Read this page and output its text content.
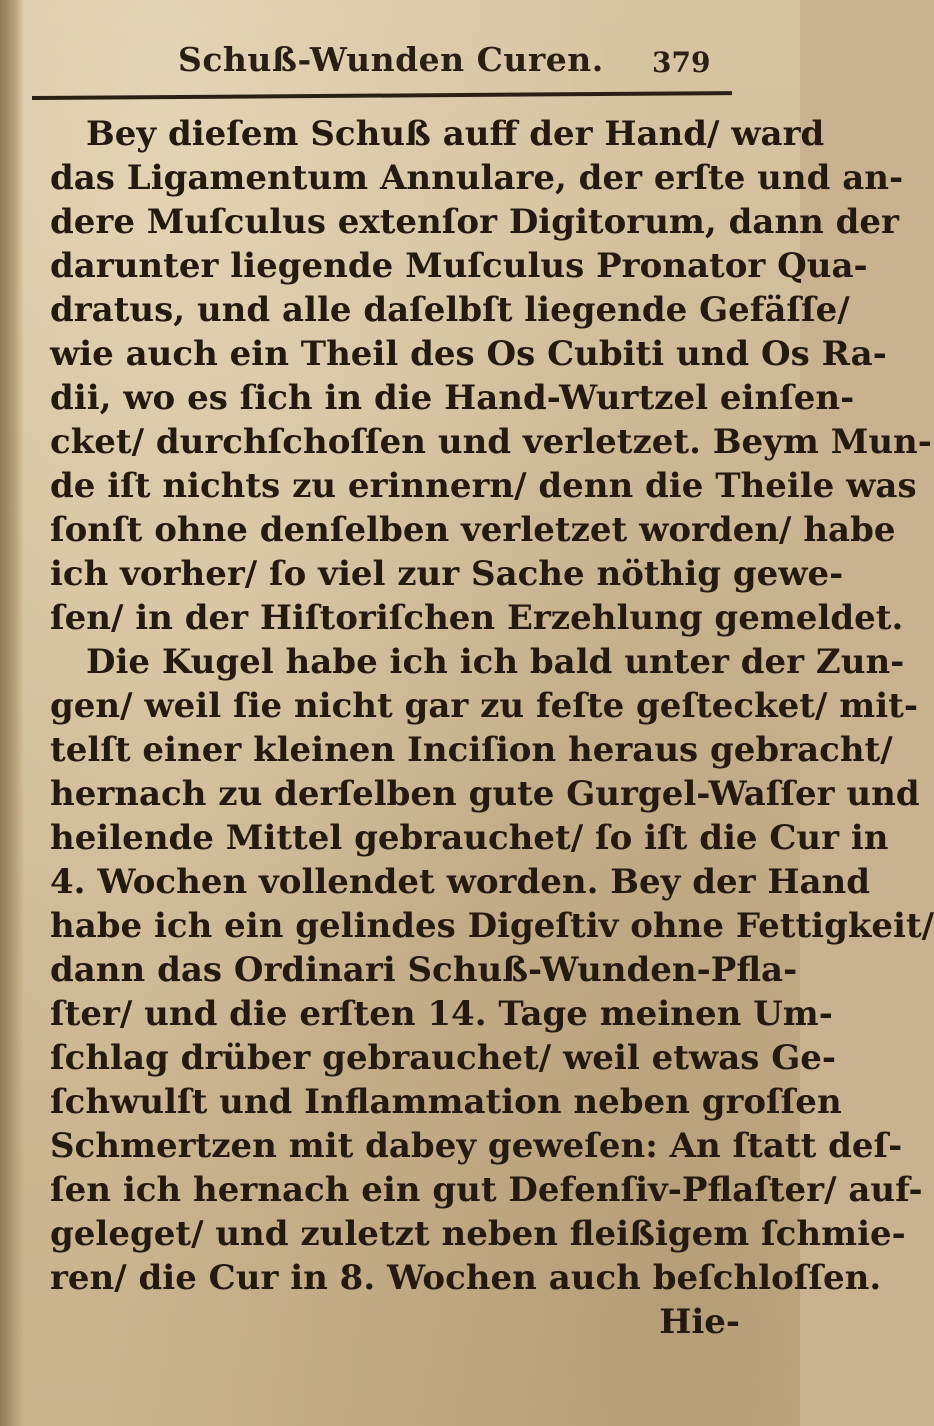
Schuß-Wunden Curen. 379
Bey dieſem Schuß auff der Hand/ ward
das Ligamentum Annulare, der erſte und an-
dere Muſculus extenſor Digitorum, dann der
darunter liegende Muſculus Pronator Qua-
dratus, und alle daſelbſt liegende Gefäſſe/
wie auch ein Theil des Os Cubiti und Os Ra-
dii, wo es ſich in die Hand-Wurtzel einſen-
cket/ durchſchoſſen und verletzet. Beym Mun-
de iſt nichts zu erinnern/ denn die Theile was
ſonſt ohne denſelben verletzet worden/ habe
ich vorher/ ſo viel zur Sache nöthig gewe-
ſen/ in der Hiſtoriſchen Erzehlung gemeldet.
Die Kugel habe ich ich bald unter der Zun-
gen/ weil ſie nicht gar zu feſte geſtecket/ mit-
telſt einer kleinen Inciſion heraus gebracht/
hernach zu derſelben gute Gurgel-Waſſer und
heilende Mittel gebrauchet/ ſo iſt die Cur in
4. Wochen vollendet worden. Bey der Hand
habe ich ein gelindes Digeſtiv ohne Fettigkeit/
dann das Ordinari Schuß-Wunden-Pfla-
ſter/ und die erſten 14. Tage meinen Um-
ſchlag drüber gebrauchet/ weil etwas Ge-
ſchwulſt und Inflammation neben groſſen
Schmertzen mit dabey geweſen: An ſtatt deſ-
ſen ich hernach ein gut Defenſiv-Pflaſter/ auf-
geleget/ und zuletzt neben fleißigem ſchmie-
ren/ die Cur in 8. Wochen auch beſchloſſen.
Hie-
